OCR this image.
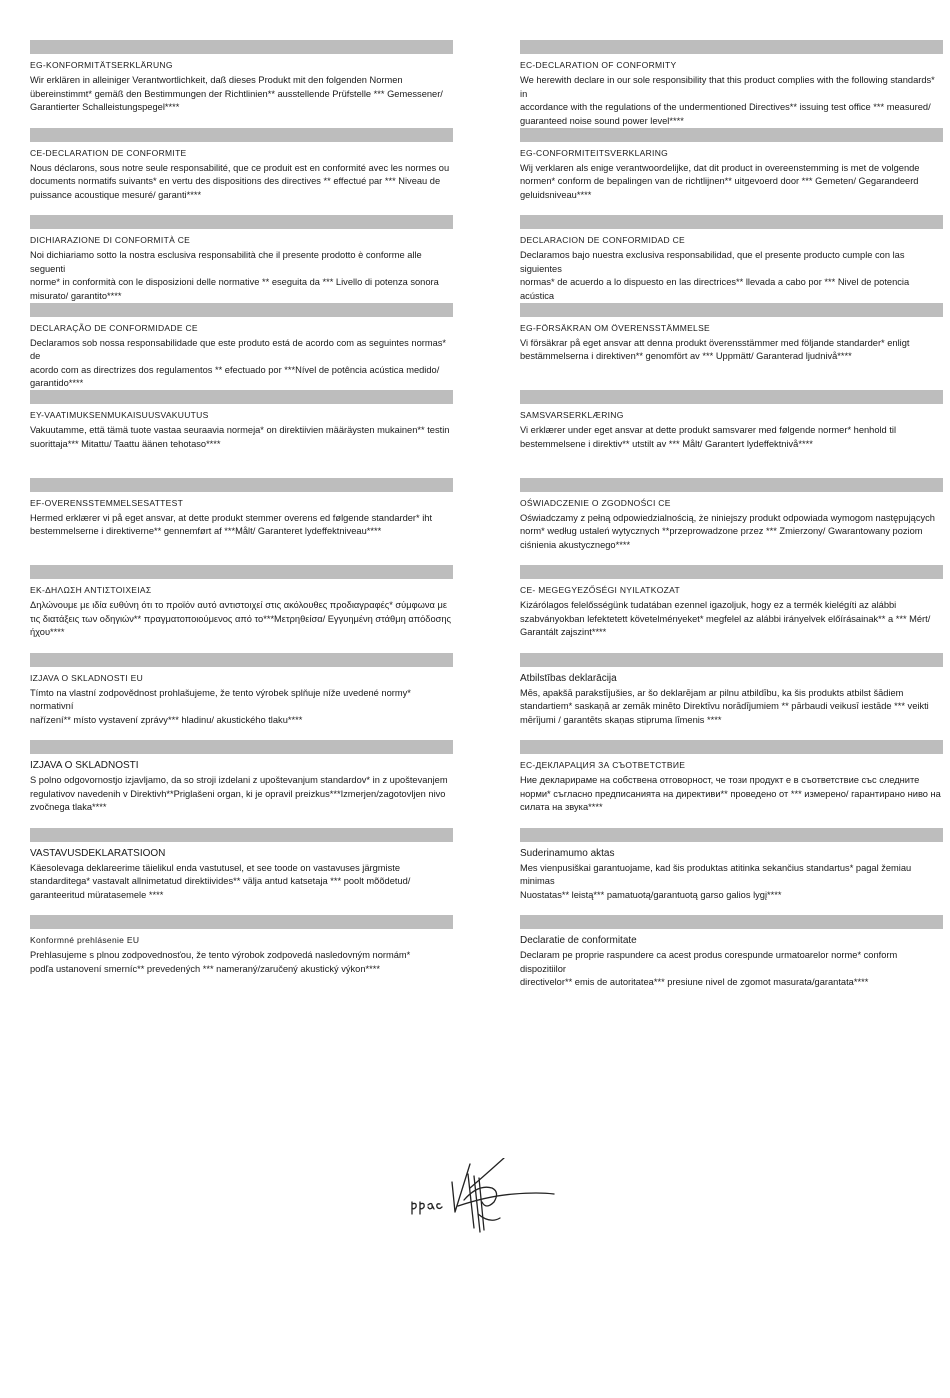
EG-KONFORMITÄTSERKLÄRUNG
Wir erklären in alleiniger Verantwortlichkeit, daß dieses Produkt mit den folgenden Normen
übereinstimmt* gemäß den Bestimmungen der Richtlinien** ausstellende Prüfstelle *** Gemessener/
Garantierter Schalleistungspegel****
CE-DECLARATION DE CONFORMITE
Nous déclarons, sous notre seule responsabilité, que ce produit est en conformité avec les normes ou
documents normatifs suivants* en vertu des dispositions des directives ** effectué par *** Niveau de
puissance acoustique mesuré/ garanti****
DICHIARAZIONE DI CONFORMITÀ CE
Noi dichiariamo sotto la nostra esclusiva responsabilità che il presente prodotto è conforme alle seguenti
norme* in conformità con le disposizioni delle normative ** eseguita da *** Livello di potenza sonora
misurato/ garantito****
DECLARAÇÃO DE CONFORMIDADE CE
Declaramos sob nossa responsabilidade que este produto está de acordo com as seguintes normas* de
acordo com as directrizes dos regulamentos ** efectuado por ***Nível de potência acústica medido/
garantido****
EY-VAATIMUKSENMUKAISUUSVAKUUTUS
Vakuutamme, että tämä tuote vastaa seuraavia normeja* on direktiivien määräysten mukainen** testin
suorittaja*** Mitattu/ Taattu äänen tehotaso****
EF-OVERENSSTEMMELSESATTEST
Hermed erklærer vi på eget ansvar, at dette produkt stemmer overens ed følgende standarder* iht
bestemmelserne i direktiverne** gennemført af ***Målt/ Garanteret lydeffektniveau****
ΕΚ-ΔΗΛΩΣΗ ΑΝΤΙΣΤΟΙΧΕΙΑΣ
Δηλώνουμε με ιδία ευθύνη ότι το προϊόν αυτό αντιστοιχεί στις ακόλουθες προδιαγραφές* σύμφωνα με
τις διατάξεις των οδηγιών** πραγματοποιούμενος από το***Μετρηθείσα/ Εγγυημένη στάθμη απόδοσης
ήχου****
IZJAVA O SKLADNOSTI EU
Tímto na vlastní zodpovědnost prohlašujeme, že tento výrobek splňuje níže uvedené normy* normativní
nařízení** místo vystavení zprávy*** hladinu/ akustického tlaku****
IZJAVA O SKLADNOSTI
S polno odgovornostjo izjavljamo, da so stroji izdelani z upoštevanjum standardov* in z upoštevanjem
regulativov navedenih v Direktivh**Priglašeni organ, ki je opravil preizkus***Izmerjen/zagotovljen nivo
zvočnega tlaka****
VASTAVUSDEKLARATSIOON
Käesolevaga deklareerime täielikul enda vastutusel, et see toode on vastavuses järgmiste
standarditega* vastavalt allnimetatud direktiivides** välja antud katsetaja *** poolt mõõdetud/
garanteeritud müratasemele ****
Konformné prehlásenie EU
Prehlasujeme s plnou zodpovednosťou, že tento výrobok zodpovedá nasledovným normám*
podľa ustanovení smerníc** prevedených *** nameraný/zaručený akustický výkon****
EC-DECLARATION OF CONFORMITY
We herewith declare in our sole responsibility that this product complies with the following standards* in
accordance with the regulations of the undermentioned Directives** issuing test office *** measured/
guaranteed noise sound power level****
EG-CONFORMITEITSVERKLARING
Wij verklaren als enige verantwoordelijke, dat dit product in overeenstemming is met de volgende
normen* conform de bepalingen van de richtlijnen** uitgevoerd door *** Gemeten/ Gegarandeerd
geluidsniveau****
DECLARACION DE CONFORMIDAD CE
Declaramos bajo nuestra exclusiva responsabilidad, que el presente producto cumple con las siguientes
normas* de acuerdo a lo dispuesto en las directrices** llevada a cabo por *** Nivel de potencia acústica

EG-FÖRSÄKRAN OM ÖVERENSSTÄMMELSE
Vi försäkrar på eget ansvar att denna produkt överensstämmer med följande standarder* enligt
bestämmelserna i direktiven** genomfört av *** Uppmätt/ Garanterad ljudnivå****
SAMSVARSERKLÆRING
Vi erklærer under eget ansvar at dette produkt samsvarer med følgende normer* henhold til
bestemmelsene i direktiv** utstilt av *** Målt/ Garantert lydeffektnivå****
OŚWIADCZENIE O ZGODNOŚCI CE
Oświadczamy z pełną odpowiedzialnością, że niniejszy produkt odpowiada wymogom następujących
norm* według ustaleń wytycznych **przeprowadzone przez *** Zmierzony/ Gwarantowany poziom
ciśnienia akustycznego****
CE- MEGEGYEZŐSÉGI NYILATKOZAT
Kizárólagos felelősségünk tudatában ezennel igazoljuk, hogy ez a termék kielégíti az alábbi
szabványokban lefektetett követelményeket* megfelel az alábbi irányelvek előírásainak** a *** Mért/
Garantált zajszint****
Atbilstības deklarācija
Mēs, apakšā parakstījušies, ar šo deklarējam ar pilnu atbildību, ka šis produkts atbilst šādiem
standartiem* saskaņā ar zemāk minēto Direktīvu norādījumiem ** pārbaudi veikusī iestāde *** veikti
mērījumi / garantēts skaņas stipruma līmenis ****
ЕС-ДЕКЛАРАЦИЯ ЗА СЪОТВЕТСТВИЕ
Ние декларираме на собствена отговорност, че този продукт е в съответствие със следните
норми* съгласно предписанията на директиви** проведено от *** измерено/ гарантирано ниво на
силата на звука****
Suderinamumo aktas
Mes vienpusiškai garantuojame, kad šis produktas atitinka sekančius standartus* pagal žemiau minimas
Nuostatas** leistą*** pamatuotą/garantuotą garso galios lygį****
Declaratie de conformitate
Declaram pe proprie raspundere ca acest produs corespunde urmatoarelor norme* conform dispozitiilor
directivelor** emis de autoritatea*** presiune nivel de zgomot masurata/garantata****
